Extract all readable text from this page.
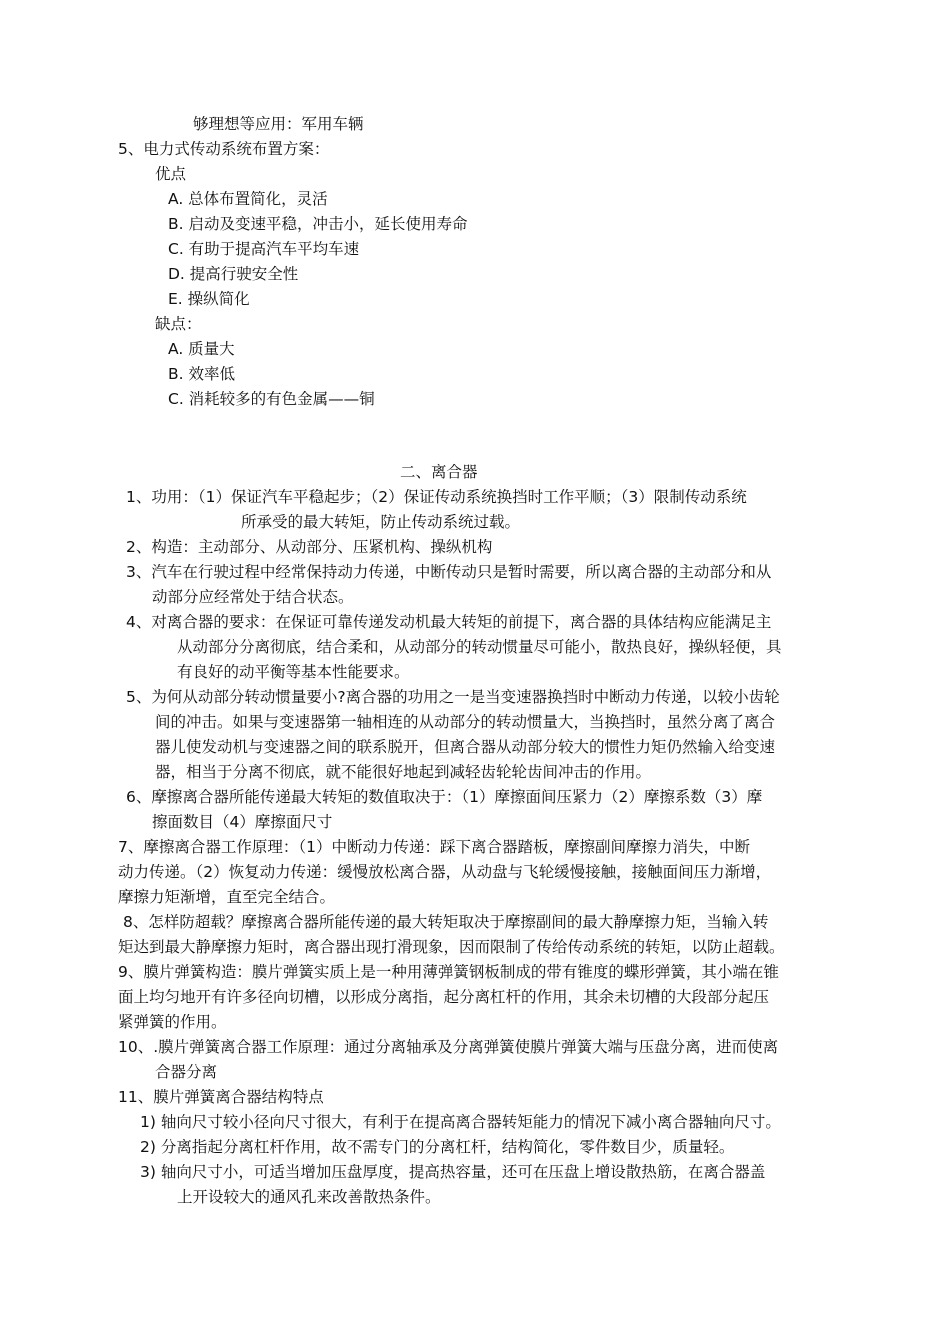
够理想等应用：军用车辆
5、电力式传动系统布置方案：
优点
A. 总体布置简化，灵活
B. 启动及变速平稳，冲击小，延长使用寿命
C. 有助于提高汽车平均车速
D. 提高行驶安全性
E. 操纵简化
缺点：
A. 质量大
B. 效率低
C. 消耗较多的有色金属——铜
二、离合器
1、功用：（1）保证汽车平稳起步；（2）保证传动系统换挡时工作平顺；（3）限制传动系统
所承受的最大转矩，防止传动系统过载。
2、构造：主动部分、从动部分、压紧机构、操纵机构
3、汽车在行驶过程中经常保持动力传递，中断传动只是暂时需要，所以离合器的主动部分和从
动部分应经常处于结合状态。
4、对离合器的要求：在保证可靠传递发动机最大转矩的前提下，离合器的具体结构应能满足主
从动部分分离彻底，结合柔和，从动部分的转动惯量尽可能小，散热良好，操纵轻便，具
有良好的动平衡等基本性能要求。
5、为何从动部分转动惯量要小?离合器的功用之一是当变速器换挡时中断动力传递，以较小齿轮
间的冲击。如果与变速器第一轴相连的从动部分的转动惯量大，当换挡时，虽然分离了离合
器儿使发动机与变速器之间的联系脱开，但离合器从动部分较大的惯性力矩仍然输入给变速
器，相当于分离不彻底，就不能很好地起到减轻齿轮轮齿间冲击的作用。
6、摩擦离合器所能传递最大转矩的数值取决于：（1）摩擦面间压紧力（2）摩擦系数（3）摩
擦面数目（4）摩擦面尺寸
7、摩擦离合器工作原理：（1）中断动力传递：踩下离合器踏板，摩擦副间摩擦力消失，中断
动力传递。（2）恢复动力传递：缓慢放松离合器，从动盘与飞轮缓慢接触，接触面间压力渐增，
摩擦力矩渐增，直至完全结合。
8、怎样防超载？摩擦离合器所能传递的最大转矩取决于摩擦副间的最大静摩擦力矩，当输入转
矩达到最大静摩擦力矩时，离合器出现打滑现象，因而限制了传给传动系统的转矩，以防止超载。
9、膜片弹簧构造：膜片弹簧实质上是一种用薄弹簧钢板制成的带有锥度的蝶形弹簧，其小端在锥
面上均匀地开有许多径向切槽，以形成分离指，起分离杠杆的作用，其余未切槽的大段部分起压
紧弹簧的作用。
10、.膜片弹簧离合器工作原理：通过分离轴承及分离弹簧使膜片弹簧大端与压盘分离，进而使离
合器分离
11、膜片弹簧离合器结构特点
1) 轴向尺寸较小径向尺寸很大，有利于在提高离合器转矩能力的情况下减小离合器轴向尺寸。
2) 分离指起分离杠杆作用，故不需专门的分离杠杆，结构简化，零件数目少，质量轻。
3) 轴向尺寸小，可适当增加压盘厚度，提高热容量，还可在压盘上增设散热筋，在离合器盖
上开设较大的通风孔来改善散热条件。
